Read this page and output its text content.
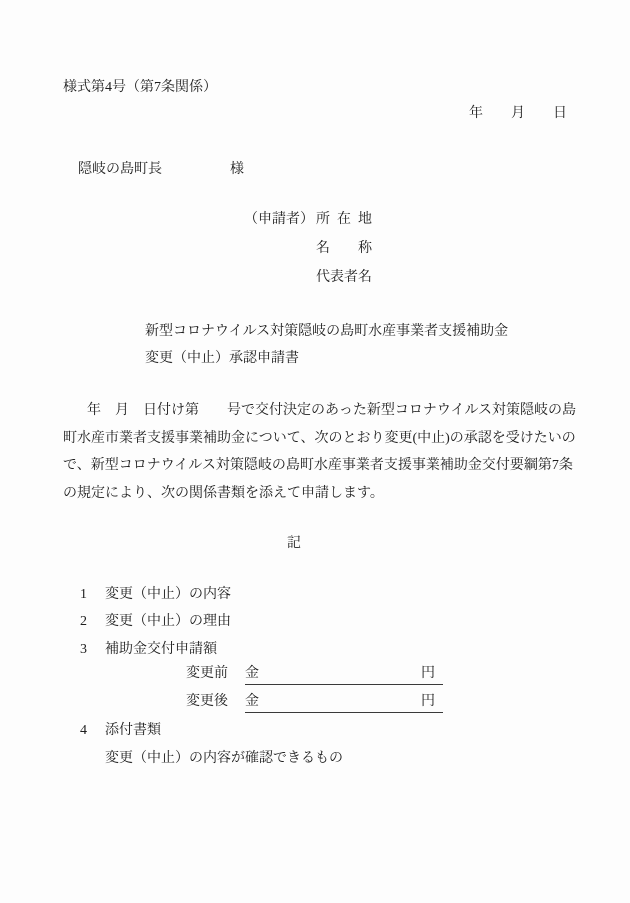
様式第4号（第7条関係）
年　　月　　日
隠岐の島町長	様
（申請者） 所在地
名称
代表者名
新型コロナウイルス対策隠岐の島町水産事業者支援補助金
変更（中止）承認申請書
年　月　日付け第　　号で交付決定のあった新型コロナウイルス対策隠岐の島
町水産市業者支援事業補助金について、次のとおり変更(中止)の承認を受けたいの
で、新型コロナウイルス対策隠岐の島町水産事業者支援事業補助金交付要綱第7条
の規定により、次の関係書類を添えて申請します。
記
1 変更（中止）の内容
2 変更（中止）の理由
3 補助金交付申請額
変更前 金	円
変更後 金	円
4 添付書類
変更（中止）の内容が確認できるもの
